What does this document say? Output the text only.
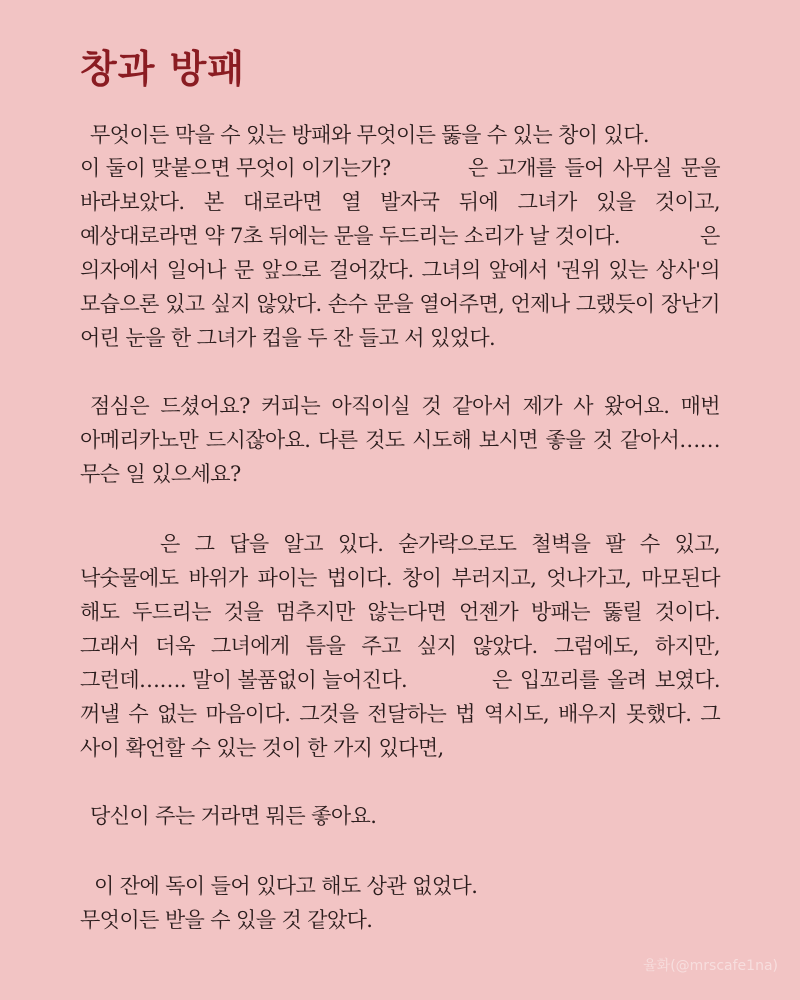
창과 방패
무엇이든 막을 수 있는 방패와 무엇이든 뚫을 수 있는 창이 있다.
이 둘이 맞붙으면 무엇이 이기는가?	은 고개를 들어 사무실 문을
바라보았다. 본 대로라면 열 발자국 뒤에 그녀가 있을 것이고,
예상대로라면 약 7초 뒤에는 문을 두드리는 소리가 날 것이다.	은
의자에서 일어나 문 앞으로 걸어갔다. 그녀의 앞에서 '권위 있는 상사'의
모습으론 있고 싶지 않았다. 손수 문을 열어주면, 언제나 그랬듯이 장난기
어린 눈을 한 그녀가 컵을 두 잔 들고 서 있었다.
점심은 드셨어요? 커피는 아직이실 것 같아서 제가 사 왔어요. 매번
아메리카노만 드시잖아요. 다른 것도 시도해 보시면 좋을 것 같아서……
무슨 일 있으세요?
은 그 답을 알고 있다. 숟가락으로도 철벽을 팔 수 있고,
낙숫물에도 바위가 파이는 법이다. 창이 부러지고, 엇나가고, 마모된다
해도 두드리는 것을 멈추지만 않는다면 언젠가 방패는 뚫릴 것이다.
그래서 더욱 그녀에게 틈을 주고 싶지 않았다. 그럼에도, 하지만,
그런데……. 말이 볼품없이 늘어진다.	은 입꼬리를 올려 보였다.
꺼낼 수 없는 마음이다. 그것을 전달하는 법 역시도, 배우지 못했다. 그
사이 확언할 수 있는 것이 한 가지 있다면,
당신이 주는 거라면 뭐든 좋아요.
이 잔에 독이 들어 있다고 해도 상관 없었다.
무엇이든 받을 수 있을 것 같았다.
율화(@mrscafe1na)
